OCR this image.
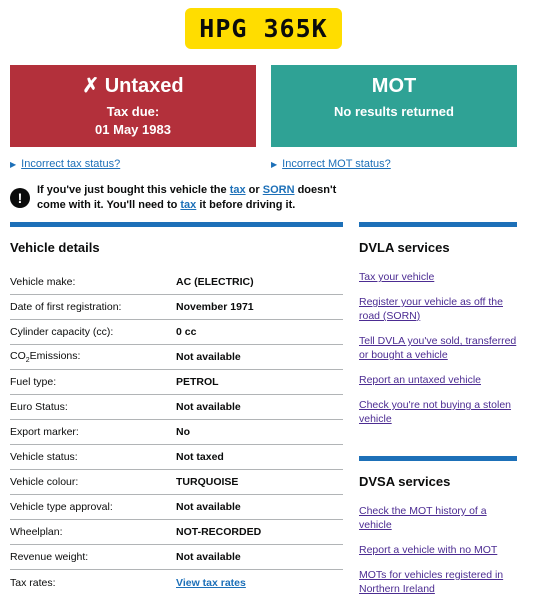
HPG 365K
✗ Untaxed
Tax due:
01 May 1983
MOT
No results returned
▶ Incorrect tax status?	▶ Incorrect MOT status?
!	If you've just bought this vehicle the tax or SORN doesn't come with it. You'll need to tax it before driving it.
Vehicle details
Vehicle make:	AC (ELECTRIC)
Date of first registration:	November 1971
Cylinder capacity (cc):	0 cc
$CO_2Emissions$:	Not available
Fuel type:	PETROL
Euro Status:	Not available
Export marker:	No
Vehicle status:	Not taxed
Vehicle colour:	TURQUOISE
Vehicle type approval:	Not available
Wheelplan:	NOT-RECORDED
Revenue weight:	Not available
Tax rates:	View tax rates
DVLA services
Tax your vehicle
Register your vehicle as off the road (SORN)
Tell DVLA you've sold, transferred or bought a vehicle
Report an untaxed vehicle
Check you're not buying a stolen vehicle
DVSA services
Check the MOT history of a vehicle
Report a vehicle with no MOT
MOTs for vehicles registered in Northern Ireland
